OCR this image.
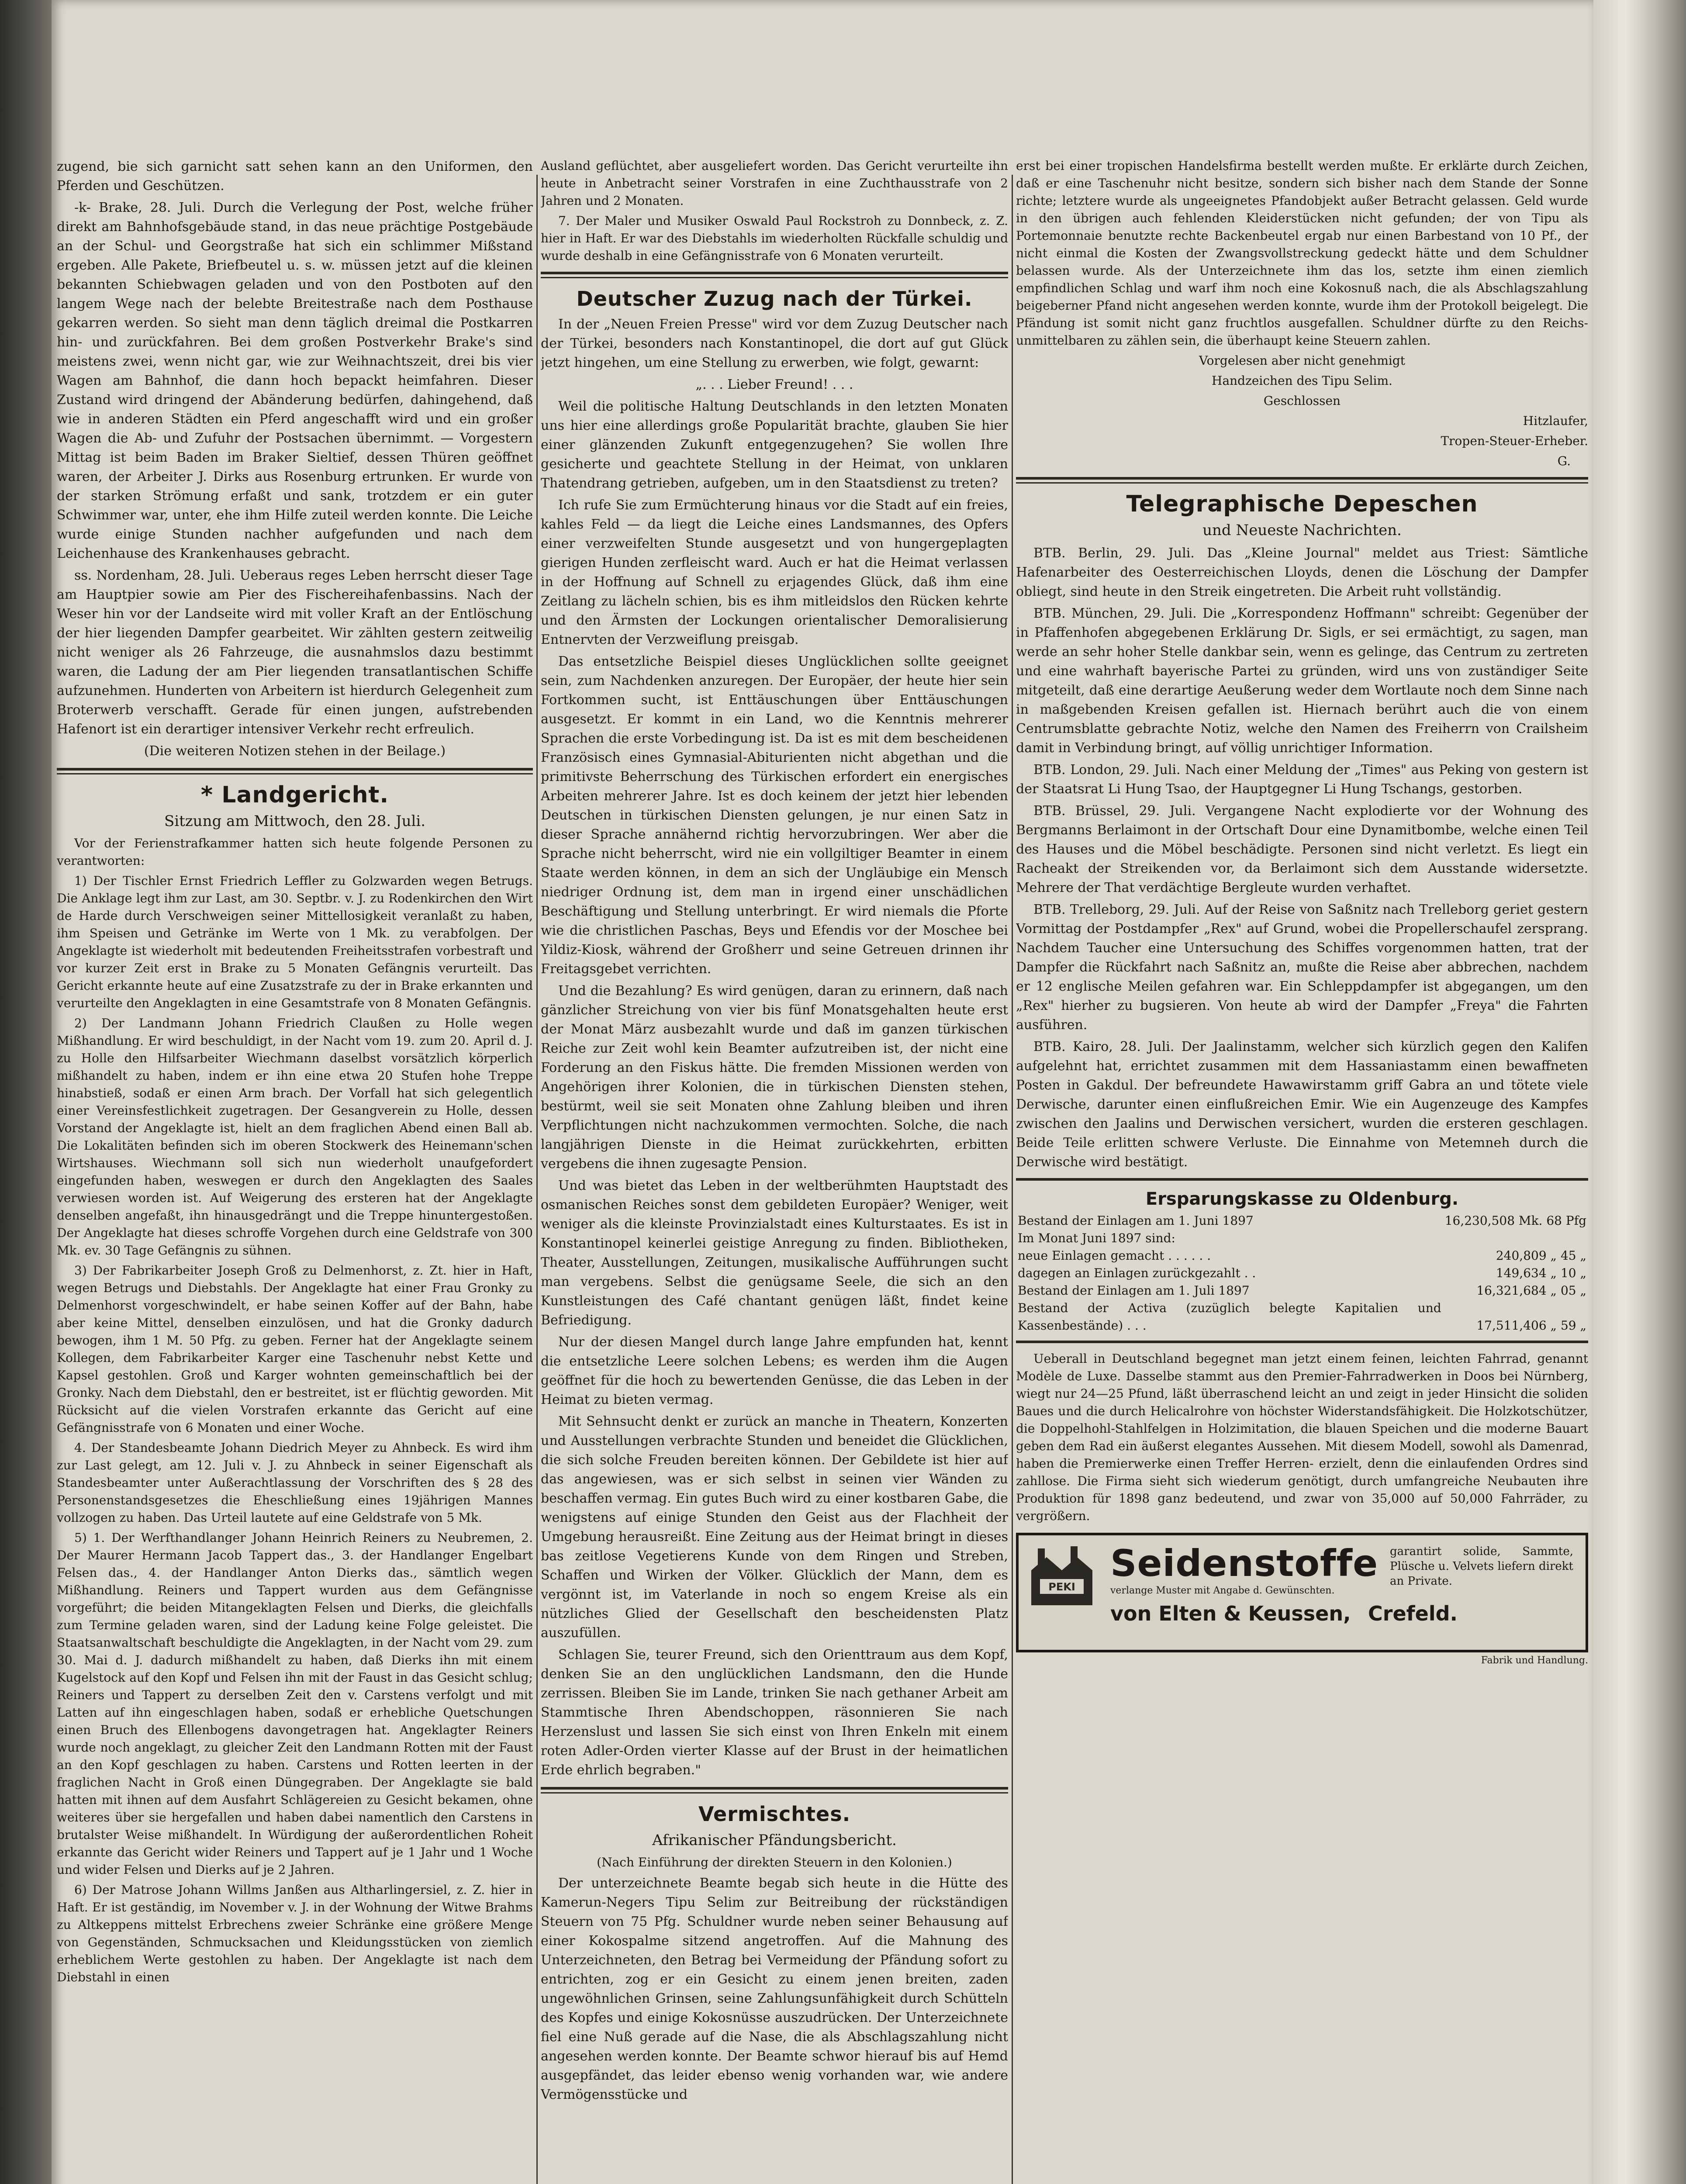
zugend, bie sich garnicht satt sehen kann an den Uniformen, den Pferden und Geschützen.

-k- Brake, 28. Juli. Durch die Verlegung der Post, welche früher direkt am Bahnhofsgebäude stand, in das neue prächtige Postgebäude an der Schul- und Georgstraße hat sich ein schlimmer Mißstand ergeben. Alle Pakete, Briefbeutel u. s. w. müssen jetzt auf die kleinen bekannten Schiebwagen geladen und von den Postboten auf den langem Wege nach der belebte Breitestraße nach dem Posthause gekarren werden. So sieht man denn täglich dreimal die Postkarren hin- und zurückfahren. Bei dem großen Postverkehr Brake's sind meistens zwei, wenn nicht gar, wie zur Weihnachtszeit, drei bis vier Wagen am Bahnhof, die dann hoch bepackt heimfahren. Dieser Zustand wird dringend der Abänderung bedürfen, dahingehend, daß wie in anderen Städten ein Pferd angeschafft wird und ein großer Wagen die Ab- und Zufuhr der Postsachen übernimmt. — Vorgestern Mittag ist beim Baden im Braker Sieltief, dessen Thüren geöffnet waren, der Arbeiter J. Dirks aus Rosenburg ertrunken. Er wurde von der starken Strömung erfaßt und sank, trotzdem er ein guter Schwimmer war, unter, ehe ihm Hilfe zuteil werden konnte. Die Leiche wurde einige Stunden nachher aufgefunden und nach dem Leichenhause des Krankenhauses gebracht.

ss. Nordenham, 28. Juli. Ueberaus reges Leben herrscht dieser Tage am Hauptpier sowie am Pier des Fischereihafenbassins. Nach der Weser hin vor der Landseite wird mit voller Kraft an der Entlöschung der hier liegenden Dampfer gearbeitet. Wir zählten gestern zeitweilig nicht weniger als 26 Fahrzeuge, die ausnahmslos dazu bestimmt waren, die Ladung der am Pier liegenden transatlantischen Schiffe aufzunehmen. Hunderten von Arbeitern ist hierdurch Gelegenheit zum Broterwerb verschafft. Gerade für einen jungen, aufstrebenden Hafenort ist ein derartiger intensiver Verkehr recht erfreulich.

(Die weiteren Notizen stehen in der Beilage.)

* Landgericht.
Sitzung am Mittwoch, den 28. Juli.

Vor der Ferienstrafkammer hatten sich heute folgende Personen zu verantworten:

1) Der Tischler Ernst Friedrich Leffler zu Golzwarden wegen Betrugs. Die Anklage legt ihm zur Last, am 30. Septbr. v. J. zu Rodenkirchen den Wirt de Harde durch Verschweigen seiner Mittellosigkeit veranlaßt zu haben, ihm Speisen und Getränke im Werte von 1 Mk. zu verabfolgen. Der Angeklagte ist wiederholt mit bedeutenden Freiheitsstrafen vorbestraft und vor kurzer Zeit erst in Brake zu 5 Monaten Gefängnis verurteilt. Das Gericht erkannte heute auf eine Zusatzstrafe zu der in Brake erkannten und verurteilte den Angeklagten in eine Gesamtstrafe von 8 Monaten Gefängnis.

2) Der Landmann Johann Friedrich Claußen zu Holle wegen Mißhandlung. Er wird beschuldigt, in der Nacht vom 19. zum 20. April d. J. zu Holle den Hilfsarbeiter Wiechmann daselbst vorsätzlich körperlich mißhandelt zu haben, indem er ihn eine etwa 20 Stufen hohe Treppe hinabstieß, sodaß er einen Arm brach. Der Vorfall hat sich gelegentlich einer Vereinsfestlichkeit zugetragen. Der Gesangverein zu Holle, dessen Vorstand der Angeklagte ist, hielt an dem fraglichen Abend einen Ball ab. Die Lokalitäten befinden sich im oberen Stockwerk des Heinemann'schen Wirtshauses. Wiechmann soll sich nun wiederholt unaufgefordert eingefunden haben, weswegen er durch den Angeklagten des Saales verwiesen worden ist. Auf Weigerung des ersteren hat der Angeklagte denselben angefaßt, ihn hinausgedrängt und die Treppe hinuntergestoßen. Der Angeklagte hat dieses schroffe Vorgehen durch eine Geldstrafe von 300 Mk. ev. 30 Tage Gefängnis zu sühnen.

3) Der Fabrikarbeiter Joseph Groß zu Delmenhorst, z. Zt. hier in Haft, wegen Betrugs und Diebstahls. Der Angeklagte hat einer Frau Gronky zu Delmenhorst vorgeschwindelt, er habe seinen Koffer auf der Bahn, habe aber keine Mittel, denselben einzulösen, und hat die Gronky dadurch bewogen, ihm 1 M. 50 Pfg. zu geben. Ferner hat der Angeklagte seinem Kollegen, dem Fabrikarbeiter Karger eine Taschenuhr nebst Kette und Kapsel gestohlen. Groß und Karger wohnten gemeinschaftlich bei der Gronky. Nach dem Diebstahl, den er bestreitet, ist er flüchtig geworden. Mit Rücksicht auf die vielen Vorstrafen erkannte das Gericht auf eine Gefängnisstrafe von 6 Monaten und einer Woche.

4. Der Standesbeamte Johann Diedrich Meyer zu Ahnbeck. Es wird ihm zur Last gelegt, am 12. Juli v. J. zu Ahnbeck in seiner Eigenschaft als Standesbeamter unter Außerachtlassung der Vorschriften des § 28 des Personenstandsgesetzes die Eheschließung eines 19jährigen Mannes vollzogen zu haben. Das Urteil lautete auf eine Geldstrafe von 5 Mk.

5) 1. Der Werfthandlanger Johann Heinrich Reiners zu Neubremen, 2. Der Maurer Hermann Jacob Tappert das., 3. der Handlanger Engelbart Felsen das., 4. der Handlanger Anton Dierks das., sämtlich wegen Mißhandlung. Reiners und Tappert wurden aus dem Gefängnisse vorgeführt; die beiden Mitangeklagten Felsen und Dierks, die gleichfalls zum Termine geladen waren, sind der Ladung keine Folge geleistet. Die Staatsanwaltschaft beschuldigte die Angeklagten, in der Nacht vom 29. zum 30. Mai d. J. dadurch mißhandelt zu haben, daß Dierks ihn mit einem Kugelstock auf den Kopf und Felsen ihn mit der Faust in das Gesicht schlug; Reiners und Tappert zu derselben Zeit den v. Carstens verfolgt und mit Latten auf ihn eingeschlagen haben, sodaß er erhebliche Quetschungen einen Bruch des Ellenbogens davongetragen hat. Angeklagter Reiners wurde noch angeklagt, zu gleicher Zeit den Landmann Rotten mit der Faust an den Kopf geschlagen zu haben. Carstens und Rotten leerten in der fraglichen Nacht in Groß einen Düngegraben. Der Angeklagte sie bald hatten mit ihnen auf dem Ausfahrt Schlägereien zu Gesicht bekamen, ohne weiteres über sie hergefallen und haben dabei namentlich den Carstens in brutalster Weise mißhandelt. In Würdigung der außerordentlichen Roheit erkannte das Gericht wider Reiners und Tappert auf je 1 Jahr und 1 Woche und wider Felsen und Dierks auf je 2 Jahren.

6) Der Matrose Johann Willms Janßen aus Altharlingersiel, z. Z. hier in Haft. Er ist geständig, im November v. J. in der Wohnung der Witwe Brahms zu Altkeppens mittelst Erbrechens zweier Schränke eine größere Menge von Gegenständen, Schmucksachen und Kleidungsstücken von ziemlich erheblichem Werte gestohlen zu haben. Der Angeklagte ist nach dem Diebstahl in einen

Ausland geflüchtet, aber ausgeliefert worden. Das Gericht verurteilte ihn heute in Anbetracht seiner Vorstrafen in eine Zuchthausstrafe von 2 Jahren und 2 Monaten.

7. Der Maler und Musiker Oswald Paul Rockstroh zu Donnbeck, z. Z. hier in Haft. Er war des Diebstahls im wiederholten Rückfalle schuldig und wurde deshalb in eine Gefängnisstrafe von 6 Monaten verurteilt.

Deutscher Zuzug nach der Türkei.

In der „Neuen Freien Presse" wird vor dem Zuzug Deutscher nach der Türkei, besonders nach Konstantinopel, die dort auf gut Glück jetzt hingehen, um eine Stellung zu erwerben, wie folgt, gewarnt:

„. . . Lieber Freund! . . .

Weil die politische Haltung Deutschlands in den letzten Monaten uns hier eine allerdings große Popularität brachte, glauben Sie hier einer glänzenden Zukunft entgegenzugehen? Sie wollen Ihre gesicherte und geachtete Stellung in der Heimat, von unklaren Thatendrang getrieben, aufgeben, um in den Staatsdienst zu treten?

Ich rufe Sie zum Ermüchterung hinaus vor die Stadt auf ein freies, kahles Feld — da liegt die Leiche eines Landsmannes, des Opfers einer verzweifelten Stunde ausgesetzt und von hungergeplagten gierigen Hunden zerfleischt ward. Auch er hat die Heimat verlassen in der Hoffnung auf Schnell zu erjagendes Glück, daß ihm eine Zeitlang zu lächeln schien, bis es ihm mitleidslos den Rücken kehrte und den Ärmsten der Lockungen orientalischer Demoralisierung Entnervten der Verzweiflung preisgab.

Das entsetzliche Beispiel dieses Unglücklichen sollte geeignet sein, zum Nachdenken anzuregen. Der Europäer, der heute hier sein Fortkommen sucht, ist Enttäuschungen über Enttäuschungen ausgesetzt. Er kommt in ein Land, wo die Kenntnis mehrerer Sprachen die erste Vorbedingung ist. Da ist es mit dem bescheidenen Französisch eines Gymnasial-Abiturienten nicht abgethan und die primitivste Beherrschung des Türkischen erfordert ein energisches Arbeiten mehrerer Jahre. Ist es doch keinem der jetzt hier lebenden Deutschen in türkischen Diensten gelungen, je nur einen Satz in dieser Sprache annähernd richtig hervorzubringen. Wer aber die Sprache nicht beherrscht, wird nie ein vollgiltiger Beamter in einem Staate werden können, in dem an sich der Ungläubige ein Mensch niedriger Ordnung ist, dem man in irgend einer unschädlichen Beschäftigung und Stellung unterbringt. Er wird niemals die Pforte wie die christlichen Paschas, Beys und Efendis vor der Moschee bei Yildiz-Kiosk, während der Großherr und seine Getreuen drinnen ihr Freitagsgebet verrichten.

Und die Bezahlung? Es wird genügen, daran zu erinnern, daß nach gänzlicher Streichung von vier bis fünf Monatsgehalten heute erst der Monat März ausbezahlt wurde und daß im ganzen türkischen Reiche zur Zeit wohl kein Beamter aufzutreiben ist, der nicht eine Forderung an den Fiskus hätte. Die fremden Missionen werden von Angehörigen ihrer Kolonien, die in türkischen Diensten stehen, bestürmt, weil sie seit Monaten ohne Zahlung bleiben und ihren Verpflichtungen nicht nachzukommen vermochten. Solche, die nach langjährigen Dienste in die Heimat zurückkehrten, erbitten vergebens die ihnen zugesagte Pension.

Und was bietet das Leben in der weltberühmten Hauptstadt des osmanischen Reiches sonst dem gebildeten Europäer? Weniger, weit weniger als die kleinste Provinzialstadt eines Kulturstaates. Es ist in Konstantinopel keinerlei geistige Anregung zu finden. Bibliotheken, Theater, Ausstellungen, Zeitungen, musikalische Aufführungen sucht man vergebens. Selbst die genügsame Seele, die sich an den Kunstleistungen des Café chantant genügen läßt, findet keine Befriedigung.

Nur der diesen Mangel durch lange Jahre empfunden hat, kennt die entsetzliche Leere solchen Lebens; es werden ihm die Augen geöffnet für die hoch zu bewertenden Genüsse, die das Leben in der Heimat zu bieten vermag.

Mit Sehnsucht denkt er zurück an manche in Theatern, Konzerten und Ausstellungen verbrachte Stunden und beneidet die Glücklichen, die sich solche Freuden bereiten können. Der Gebildete ist hier auf das angewiesen, was er sich selbst in seinen vier Wänden zu beschaffen vermag. Ein gutes Buch wird zu einer kostbaren Gabe, die wenigstens auf einige Stunden den Geist aus der Flachheit der Umgebung herausreißt. Eine Zeitung aus der Heimat bringt in dieses bas zeitlose Vegetierens Kunde von dem Ringen und Streben, Schaffen und Wirken der Völker. Glücklich der Mann, dem es vergönnt ist, im Vaterlande in noch so engem Kreise als ein nützliches Glied der Gesellschaft den bescheidensten Platz auszufüllen.

Schlagen Sie, teurer Freund, sich den Orienttraum aus dem Kopf, denken Sie an den unglücklichen Landsmann, den die Hunde zerrissen. Bleiben Sie im Lande, trinken Sie nach gethaner Arbeit am Stammtische Ihren Abendschoppen, räsonnieren Sie nach Herzenslust und lassen Sie sich einst von Ihren Enkeln mit einem roten Adler-Orden vierter Klasse auf der Brust in der heimatlichen Erde ehrlich begraben."

Vermischtes.
Afrikanischer Pfändungsbericht.

(Nach Einführung der direkten Steuern in den Kolonien.)

Der unterzeichnete Beamte begab sich heute in die Hütte des Kamerun-Negers Tipu Selim zur Beitreibung der rückständigen Steuern von 75 Pfg. Schuldner wurde neben seiner Behausung auf einer Kokospalme sitzend angetroffen. Auf die Mahnung des Unterzeichneten, den Betrag bei Vermeidung der Pfändung sofort zu entrichten, zog er ein Gesicht zu einem jenen breiten, zaden ungewöhnlichen Grinsen, seine Zahlungsunfähigkeit durch Schütteln des Kopfes und einige Kokosnüsse auszudrücken. Der Unterzeichnete fiel eine Nuß gerade auf die Nase, die als Abschlagszahlung nicht angesehen werden konnte. Der Beamte schwor hierauf bis auf Hemd ausgepfändet, das leider ebenso wenig vorhanden war, wie andere Vermögensstücke und

erst bei einer tropischen Handelsfirma bestellt werden mußte. Er erklärte durch Zeichen, daß er eine Taschenuhr nicht besitze, sondern sich bisher nach dem Stande der Sonne richte; letztere wurde als ungeeignetes Pfandobjekt außer Betracht gelassen. Geld wurde in den übrigen auch fehlenden Kleiderstücken nicht gefunden; der von Tipu als Portemonnaie benutzte rechte Backenbeutel ergab nur einen Barbestand von 10 Pf., der nicht einmal die Kosten der Zwangsvollstreckung gedeckt hätte und dem Schuldner belassen wurde. Als der Unterzeichnete ihm das los, setzte ihm einen ziemlich empfindlichen Schlag und warf ihm noch eine Kokosnuß nach, die als Abschlagszahlung beigeberner Pfand nicht angesehen werden konnte, wurde ihm der Protokoll beigelegt. Die Pfändung ist somit nicht ganz fruchtlos ausgefallen. Schuldner dürfte zu den Reichs-unmittelbaren zu zählen sein, die überhaupt keine Steuern zahlen.

Vorgelesen aber nicht genehmigt

Handzeichen des Tipu Selim.

Geschlossen

Hitzlaufer,

Tropen-Steuer-Erheber.

G.

Telegraphische Depeschen
und Neueste Nachrichten.

BTB. Berlin, 29. Juli. Das „Kleine Journal" meldet aus Triest: Sämtliche Hafenarbeiter des Oesterreichischen Lloyds, denen die Löschung der Dampfer obliegt, sind heute in den Streik eingetreten. Die Arbeit ruht vollständig.

BTB. München, 29. Juli. Die „Korrespondenz Hoffmann" schreibt: Gegenüber der in Pfaffenhofen abgegebenen Erklärung Dr. Sigls, er sei ermächtigt, zu sagen, man werde an sehr hoher Stelle dankbar sein, wenn es gelinge, das Centrum zu zertreten und eine wahrhaft bayerische Partei zu gründen, wird uns von zuständiger Seite mitgeteilt, daß eine derartige Aeußerung weder dem Wortlaute noch dem Sinne nach in maßgebenden Kreisen gefallen ist. Hiernach berührt auch die von einem Centrumsblatte gebrachte Notiz, welche den Namen des Freiherrn von Crailsheim damit in Verbindung bringt, auf völlig unrichtiger Information.

BTB. London, 29. Juli. Nach einer Meldung der „Times" aus Peking von gestern ist der Staatsrat Li Hung Tsao, der Hauptgegner Li Hung Tschangs, gestorben.

BTB. Brüssel, 29. Juli. Vergangene Nacht explodierte vor der Wohnung des Bergmanns Berlaimont in der Ortschaft Dour eine Dynamitbombe, welche einen Teil des Hauses und die Möbel beschädigte. Personen sind nicht verletzt. Es liegt ein Racheakt der Streikenden vor, da Berlaimont sich dem Ausstande widersetzte. Mehrere der That verdächtige Bergleute wurden verhaftet.

BTB. Trelleborg, 29. Juli. Auf der Reise von Saßnitz nach Trelleborg geriet gestern Vormittag der Postdampfer „Rex" auf Grund, wobei die Propellerschaufel zersprang. Nachdem Taucher eine Untersuchung des Schiffes vorgenommen hatten, trat der Dampfer die Rückfahrt nach Saßnitz an, mußte die Reise aber abbrechen, nachdem er 12 englische Meilen gefahren war. Ein Schleppdampfer ist abgegangen, um den „Rex" hierher zu bugsieren. Von heute ab wird der Dampfer „Freya" die Fahrten ausführen.

BTB. Kairo, 28. Juli. Der Jaalinstamm, welcher sich kürzlich gegen den Kalifen aufgelehnt hat, errichtet zusammen mit dem Hassaniastamm einen bewaffneten Posten in Gakdul. Der befreundete Hawawirstamm griff Gabra an und tötete viele Derwische, darunter einen einflußreichen Emir. Wie ein Augenzeuge des Kampfes zwischen den Jaalins und Derwischen versichert, wurden die ersteren geschlagen. Beide Teile erlitten schwere Verluste. Die Einnahme von Metemneh durch die Derwische wird bestätigt.

Ersparungskasse zu Oldenburg.
Bestand der Einlagen am 1. Juni 1897	16,230,508 Mk. 68 Pfg
Im Monat Juni 1897 sind:	
neue Einlagen gemacht . . . . . .	240,809 „ 45 „
dagegen an Einlagen zurückgezahlt . .	149,634 „ 10 „
Bestand der Einlagen am 1. Juli 1897	16,321,684 „ 05 „
Bestand der Activa (zuzüglich belegte Kapitalien und Kassenbestände) . . .	17,511,406 „ 59 „

Ueberall in Deutschland begegnet man jetzt einem feinen, leichten Fahrrad, genannt Modèle de Luxe. Dasselbe stammt aus den Premier-Fahrradwerken in Doos bei Nürnberg, wiegt nur 24—25 Pfund, läßt überraschend leicht an und zeigt in jeder Hinsicht die soliden Baues und die durch Helicalrohre von höchster Widerstandsfähigkeit. Die Holzkotschützer, die Doppelhohl-Stahlfelgen in Holzimitation, die blauen Speichen und die moderne Bauart geben dem Rad ein äußerst elegantes Aussehen. Mit diesem Modell, sowohl als Damenrad, haben die Premierwerke einen Treffer Herren- erzielt, denn die einlaufenden Ordres sind zahllose. Die Firma sieht sich wiederum genötigt, durch umfangreiche Neubauten ihre Produktion für 1898 ganz bedeutend, und zwar von 35,000 auf 50,000 Fahrräder, zu vergrößern.

PEKI
Seidenstoffe garantirt solide, Sammte, Plüsche u. Velvets liefern direkt an Private.
verlange Muster mit Angabe d. Gewünschten.
von Elten & Keussen, Crefeld.
Fabrik und Handlung.
